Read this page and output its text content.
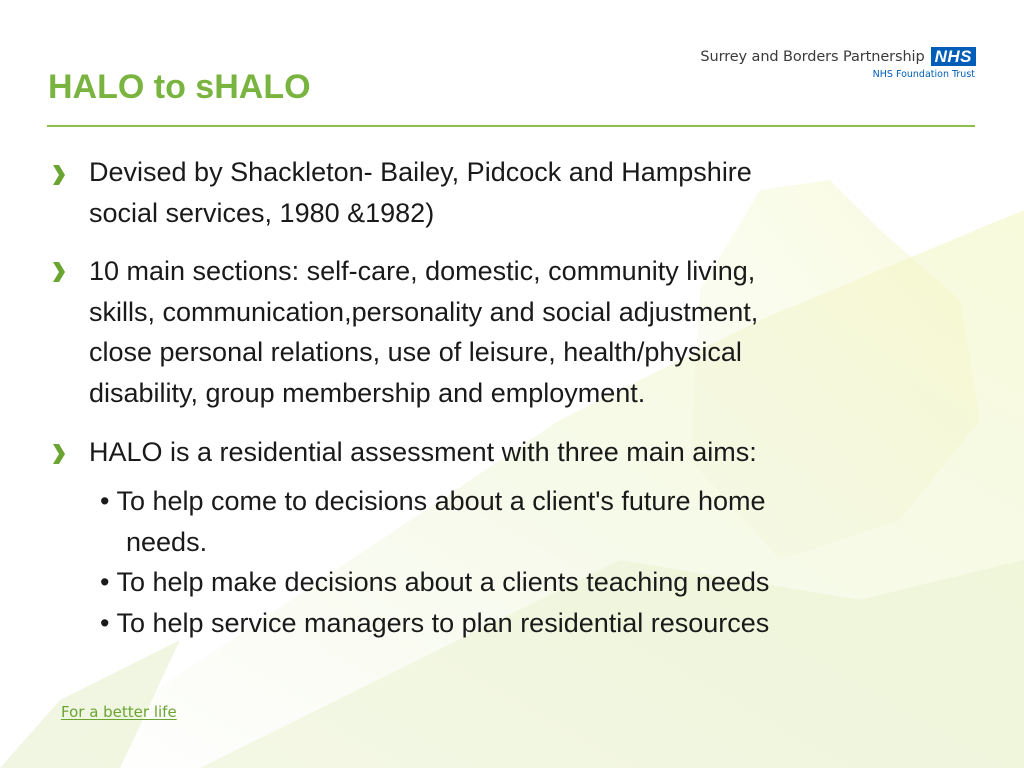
Surrey and Borders Partnership NHS
NHS Foundation Trust
HALO to sHALO

Devised by Shackleton- Bailey, Pidcock and Hampshire
social services, 1980 &1982)

10 main sections: self-care, domestic, community living,
skills, communication,personality and social adjustment,
close personal relations, use of leisure, health/physical
disability, group membership and employment.

HALO is a residential assessment with three main aims:

• To help come to decisions about a client's future home
needs.

• To help make decisions about a clients teaching needs

• To help service managers to plan residential resources

For a better life
